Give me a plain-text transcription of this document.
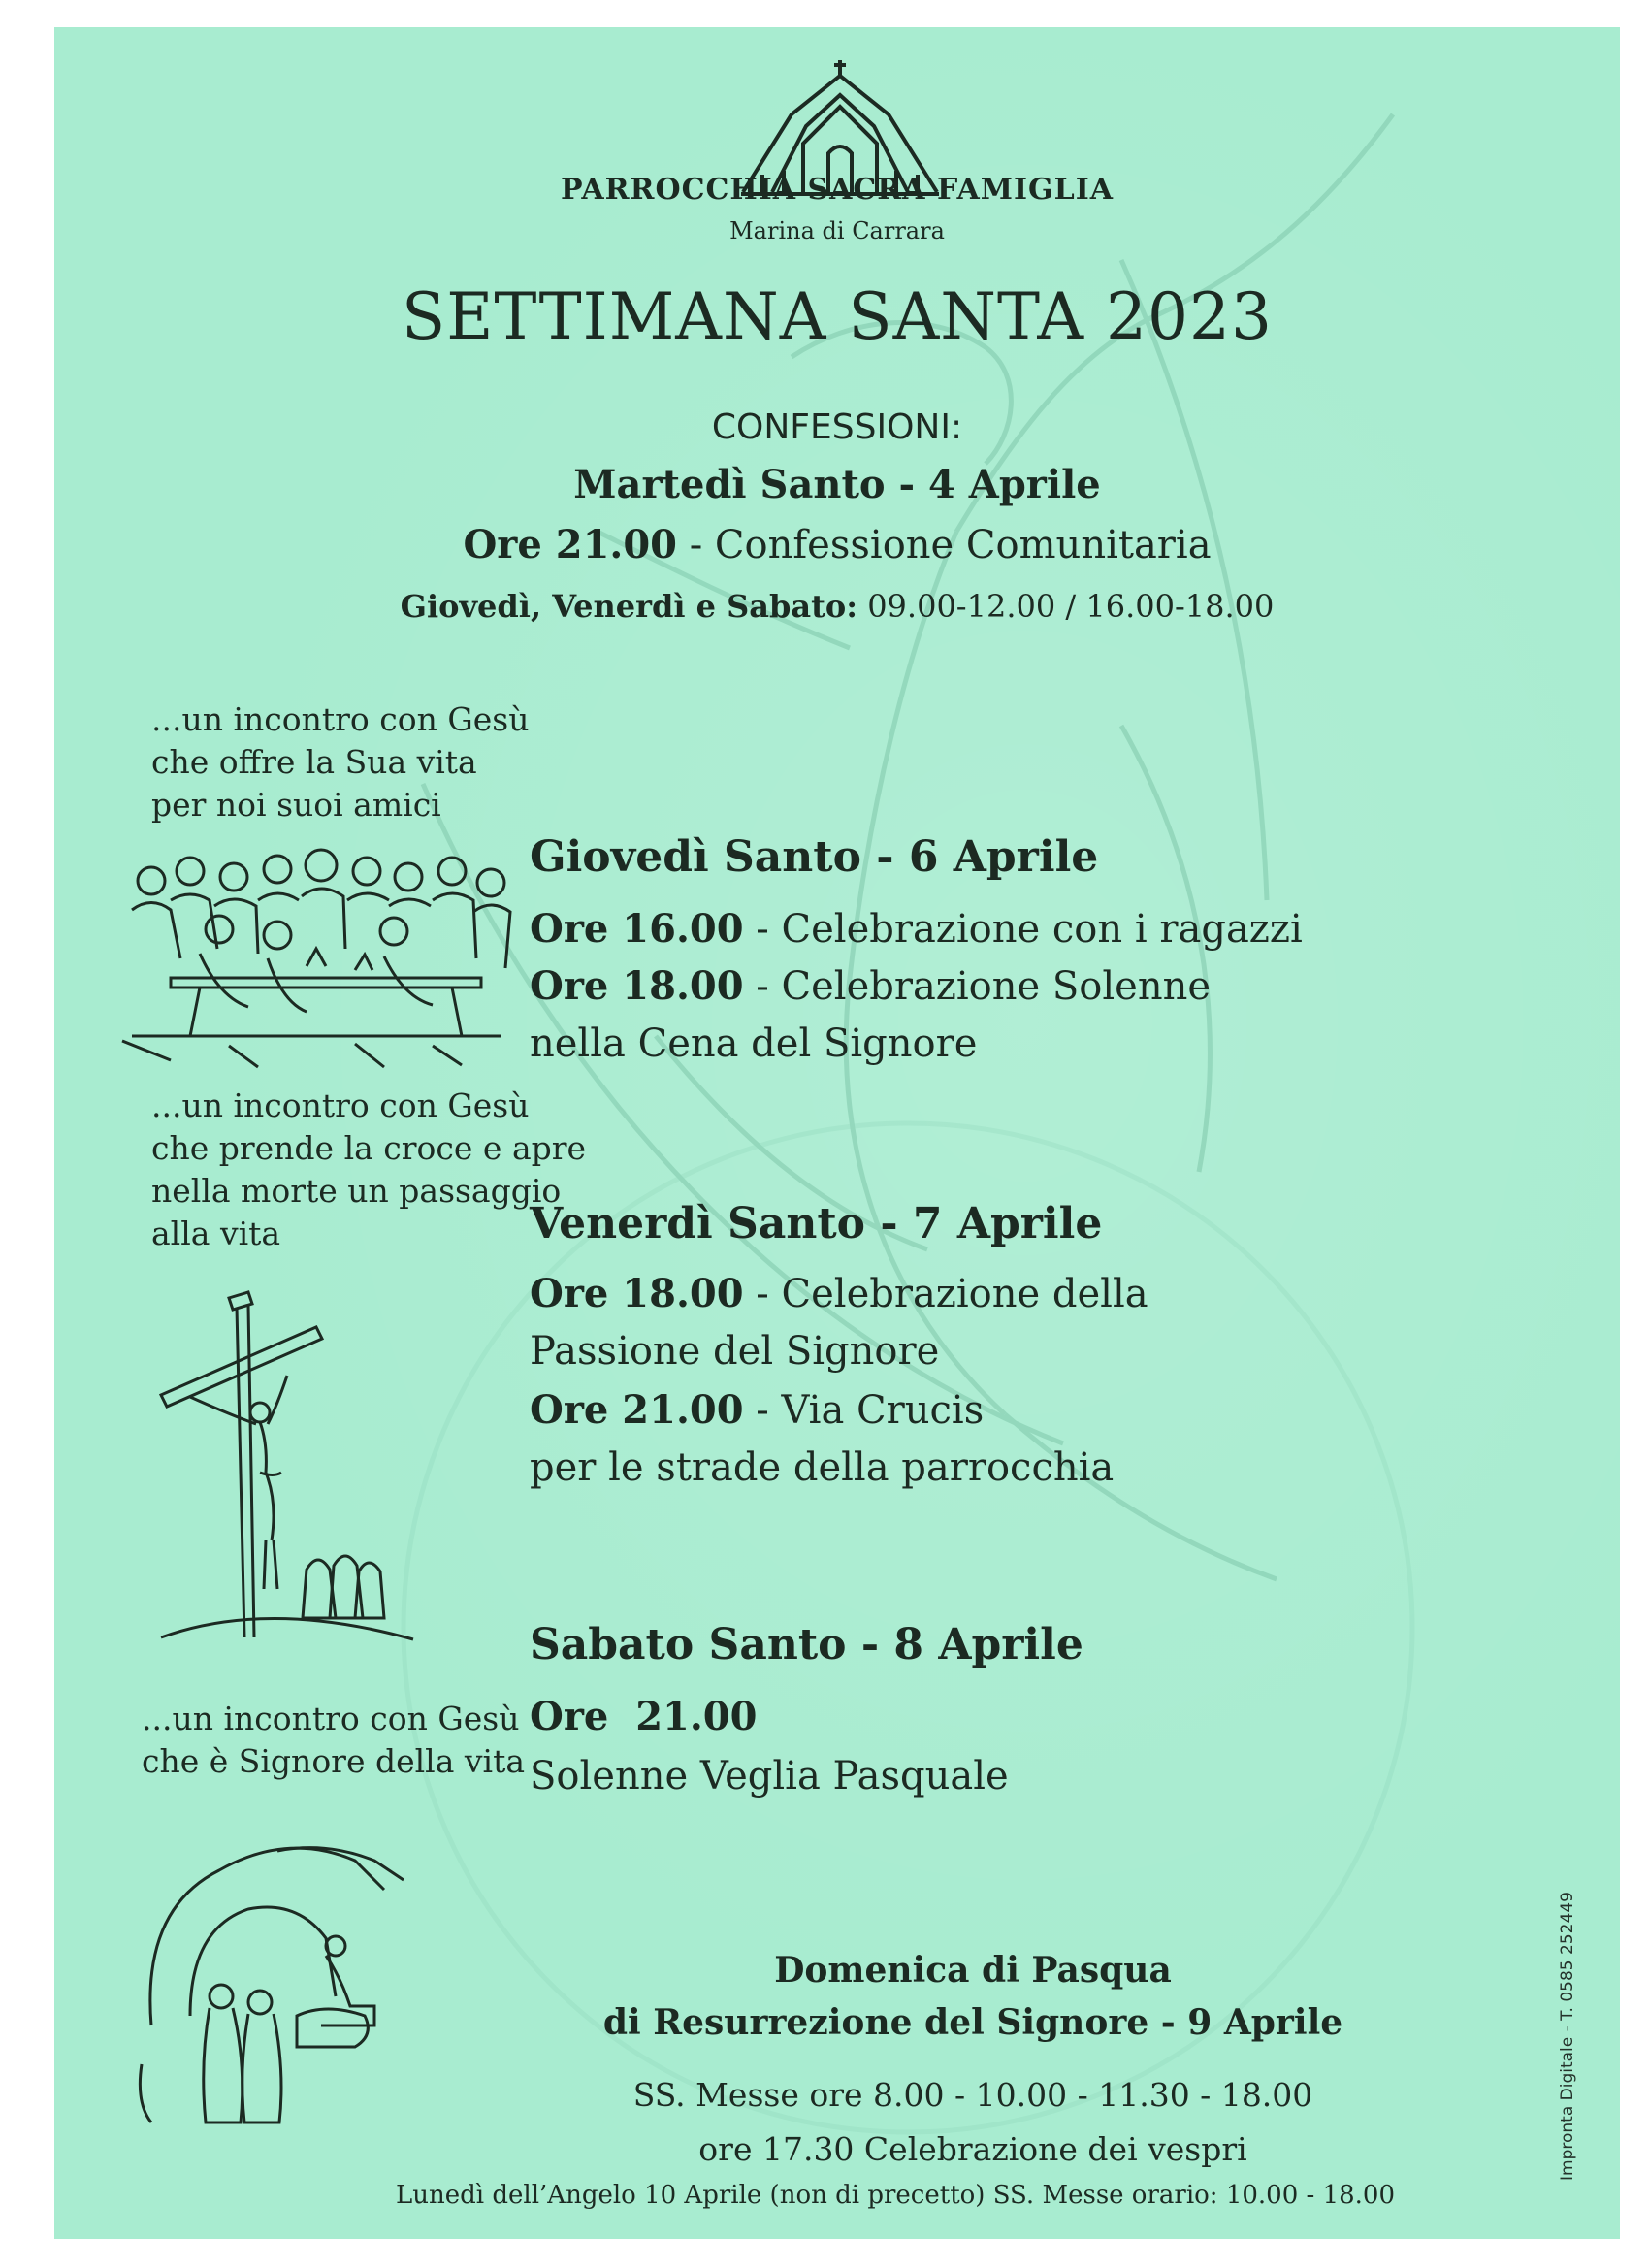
PARROCCHIA SACRA FAMIGLIA
Marina di Carrara
SETTIMANA SANTA 2023
CONFESSIONI:
Martedì Santo - 4 Aprile
Ore 21.00 - Confessione Comunitaria
Giovedì, Venerdì e Sabato: 09.00-12.00 / 16.00-18.00
...un incontro con Gesù
che offre la Sua vita
per noi suoi amici
...un incontro con Gesù
che prende la croce e apre
nella morte un passaggio
alla vita
...un incontro con Gesù
che è Signore della vita
Giovedì Santo - 6 Aprile
Ore 16.00 - Celebrazione con i ragazzi
Ore 18.00 - Celebrazione Solenne
nella Cena del Signore
Venerdì Santo - 7 Aprile
Ore 18.00 - Celebrazione della
Passione del Signore
Ore 21.00 - Via Crucis
per le strade della parrocchia
Sabato Santo - 8 Aprile
Ore  21.00
Solenne Veglia Pasquale
Domenica di Pasqua
di Resurrezione del Signore - 9 Aprile
SS. Messe ore 8.00 - 10.00 - 11.30 - 18.00
ore 17.30 Celebrazione dei vespri
Lunedì dell’Angelo 10 Aprile (non di precetto) SS. Messe orario: 10.00 - 18.00
Impronta Digitale - T. 0585 252449
